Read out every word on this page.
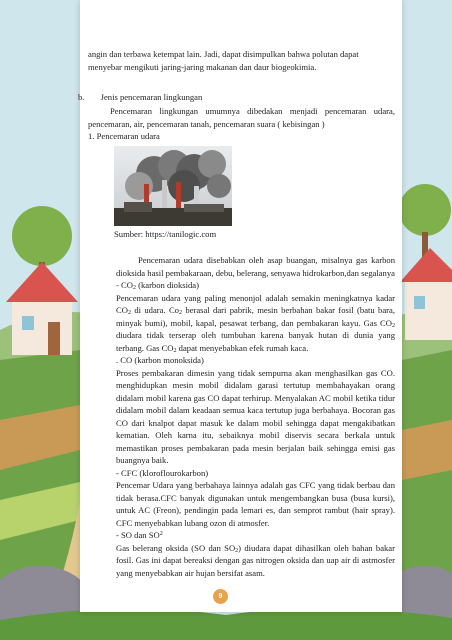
angin dan terbawa ketempat lain. Jadi, dapat disimpulkan bahwa polutan dapat

menyebar mengikuti jaring-jaring makanan dan daur biogeokimia.

b. Jenis pencemaran lingkungan

Pencemaran lingkungan umumnya dibedakan menjadi pencemaran udara, pencemaran, air, pencemaran tanah, pencemaran suara ( kebisingan )

1. Pencemaran udara

Sumber: https://tanilogic.com

Pencemaran udara disebabkan oleh asap buangan, misalnya gas karbon dioksida hasil pembakaraan, debu, belerang, senyawa hidrokarbon,dan segalanya

- $CO_2$ (karbon dioksida)

Pencemaran udara yang paling menonjol adalah semakin meningkatnya kadar $CO_2$ di udara. $Co_2$ berasal dari pabrik, mesin berbahan bakar fosil (batu bara, minyak bumi), mobil, kapal, pesawat terbang, dan pembakaran kayu. Gas $CO_2$ diudara tidak terserap oleh tumbuhan karena banyak hutan di dunia yang terbang. Gas $CO_2$ dapat menyebabkan efek rumah kaca.

. CO (karbon monoksida)

Proses pembakaran dimesin yang tidak sempurna akan menghasilkan gas CO. menghidupkan mesin mobil didalam garasi tertutup membahayakan orang didalam mobil karena gas CO dapat terhirup. Menyalakan AC mobil ketika tidur didalam mobil dalam keadaan semua kaca tertutup juga berbahaya. Bocoran gas CO dari knalpot dapat masuk ke dalam mobil sehingga dapat mengakibatkan kematian. Oleh karna itu, sebaiknya mobil diservis secara berkala untuk memastikan proses pembakaran pada mesin berjalan baik sehingga emisi gas buangnya baik.

- CFC (kloroflourokarbon)

Pencemar Udara yang berbahaya lainnya adalah gas CFC yang tidak berbau dan tidak berasa.CFC banyak digunakan untuk mengembangkan busa (busa kursi), untuk AC (Freon), pendingin pada lemari es, dan semprot rambut (hair spray). CFC menyebabkan lubang ozon di atmosfer.

- SO dan $SO^2$

Gas belerang oksida (SO dan $SO_2$) diudara dapat dihasilkan oleh bahan bakar fosil. Gas ini dapat bereaksi dengan gas nitrogen oksida dan uap air di astmosfer yang menyebabkan air hujan bersifat asam.

9
